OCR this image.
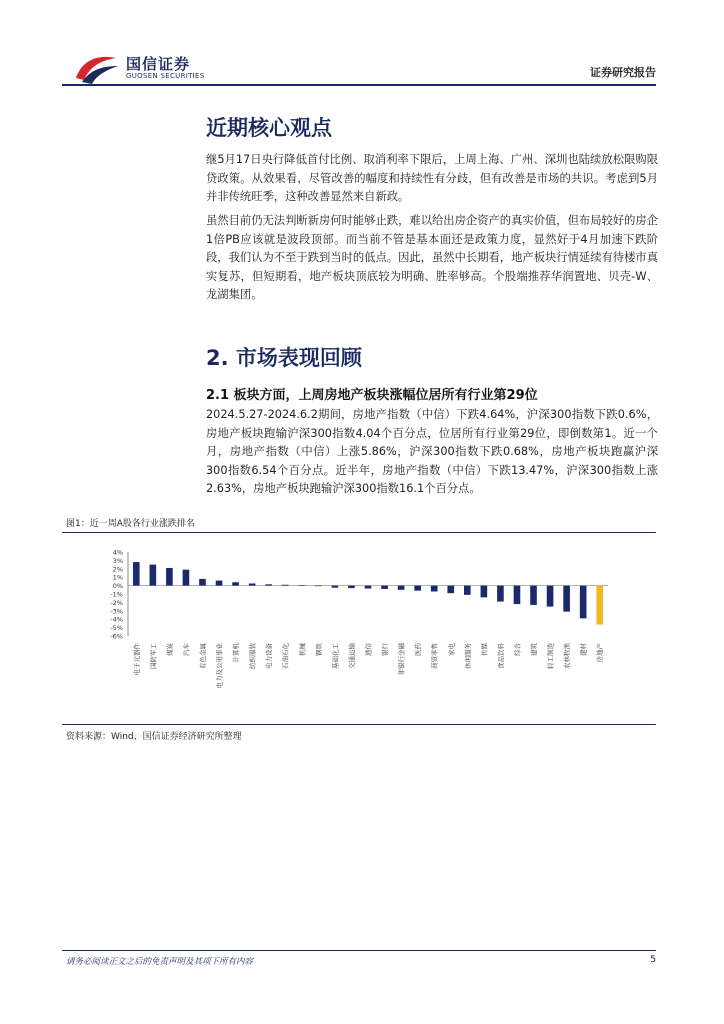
国信证券
GUOSEN SECURITIES	证券研究报告
近期核心观点

继5月17日央行降低首付比例、取消利率下限后，上周上海、广州、深圳也陆续放松限购限贷政策。从效果看，尽管改善的幅度和持续性有分歧，但有改善是市场的共识。考虑到5月并非传统旺季，这种改善显然来自新政。

虽然目前仍无法判断新房何时能够止跌，难以给出房企资产的真实价值，但布局较好的房企1倍PB应该就是波段顶部。而当前不管是基本面还是政策力度，显然好于4月加速下跌阶段，我们认为不至于跌到当时的低点。因此，虽然中长期看，地产板块行情延续有待楼市真实复苏，但短期看，地产板块顶底较为明确、胜率够高。个股端推荐华润置地、贝壳-W、龙湖集团。

2. 市场表现回顾
2.1 板块方面，上周房地产板块涨幅位居所有行业第29位

2024.5.27-2024.6.2期间，房地产指数（中信）下跌4.64%，沪深300指数下跌0.6%，房地产板块跑输沪深300指数4.04个百分点，位居所有行业第29位，即倒数第1。近一个月，房地产指数（中信）上涨5.86%，沪深300指数下跌0.68%，房地产板块跑赢沪深300指数6.54个百分点。近半年，房地产指数（中信）下跌13.47%，沪深300指数上涨2.63%，房地产板块跑输沪深300指数16.1个百分点。

图1：近一周A股各行业涨跌排名
4%
3%
2%
1%
0%
-1%
-2%
-3%
-4%
-5%
-6%
电子元器件 国防军工 煤炭 汽车 有色金属 电力及公用事业 计算机 纺织服装 电力设备 石油石化 机械 钢铁 基础化工 交通运输 通信 银行 非银行金融 医药 商贸零售 家电 休闲服务 传媒 食品饮料 综合 建筑 轻工制造 农林牧渔 建材 房地产
资料来源：Wind、国信证券经济研究所整理
请务必阅读正文之后的免责声明及其项下所有内容	5
